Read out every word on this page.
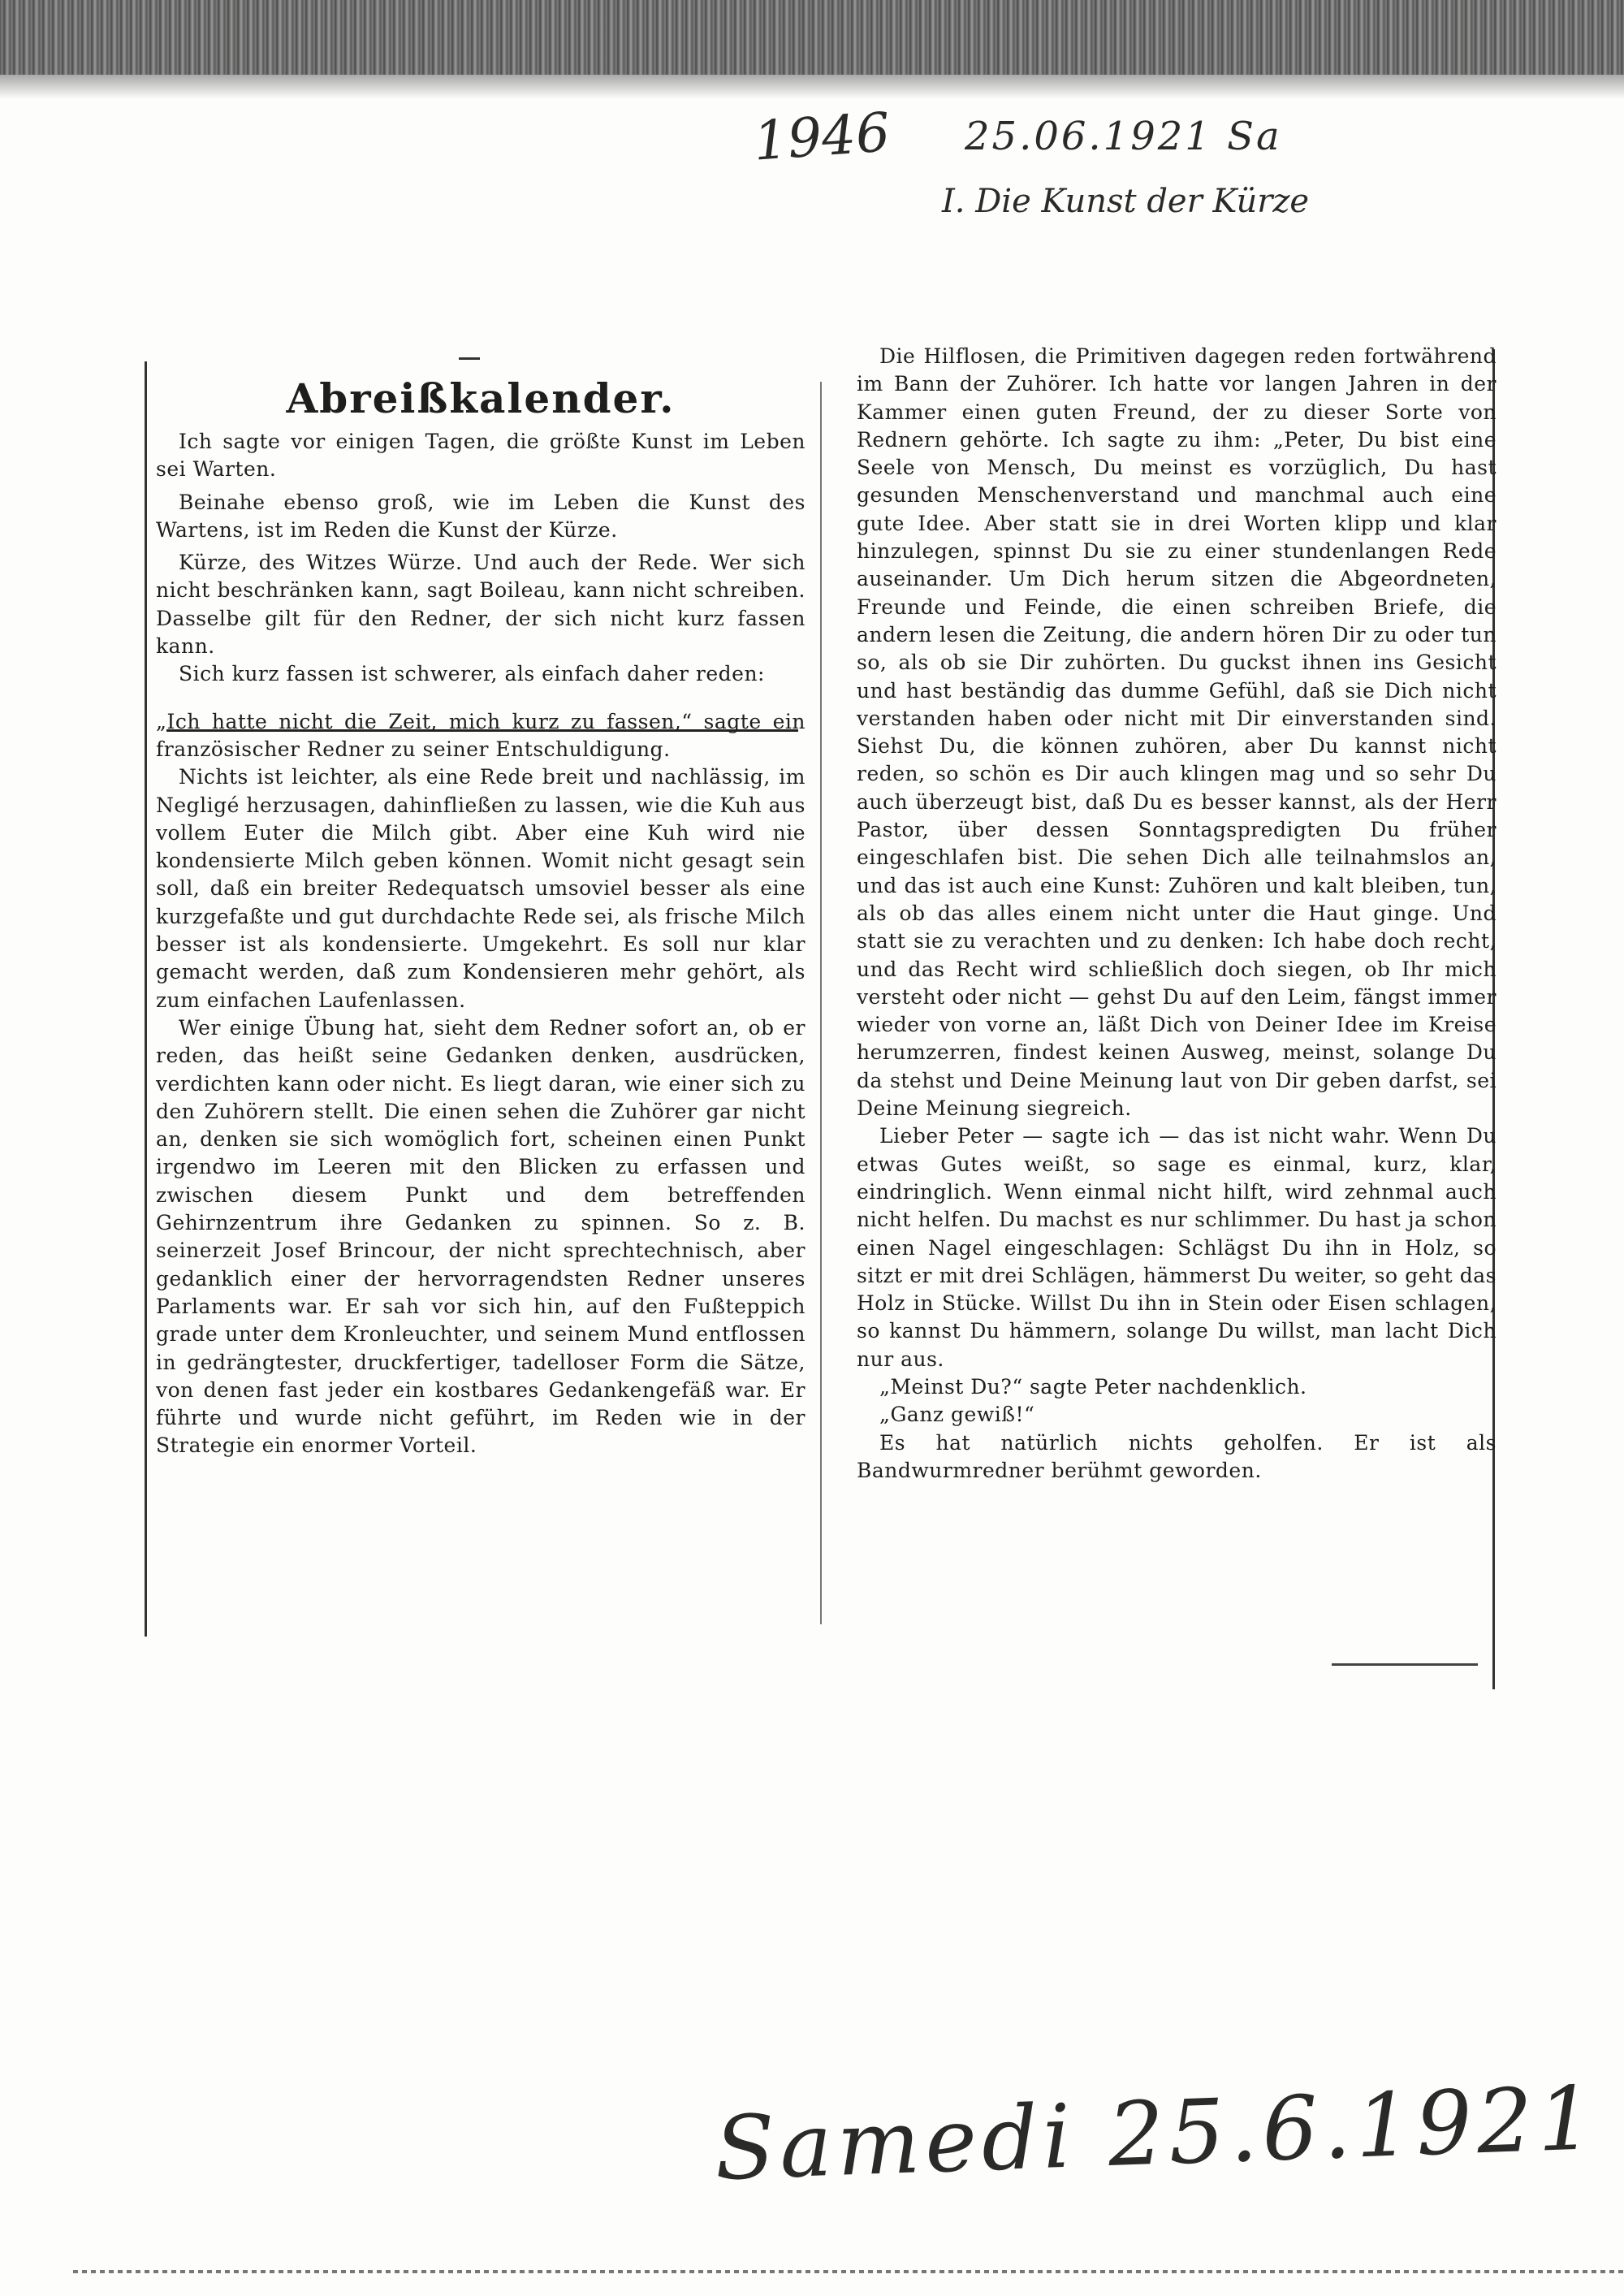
1946 25.06.1921 Sa
I. Die Kunst der Kürze
Abreißkalender.

Ich sagte vor einigen Tagen, die größte Kunst im Leben sei Warten.

Beinahe ebenso groß, wie im Leben die Kunst des Wartens, ist im Reden die Kunst der Kürze.

Kürze, des Witzes Würze. Und auch der Rede. Wer sich nicht beschränken kann, sagt Boileau, kann nicht schreiben. Dasselbe gilt für den Redner, der sich nicht kurz fassen kann.

Sich kurz fassen ist schwerer, als einfach daher reden:

„Ich hatte nicht die Zeit, mich kurz zu fassen,“ sagte ein französischer Redner zu seiner Entschuldigung.

Nichts ist leichter, als eine Rede breit und nachlässig, im Negligé herzusagen, dahinfließen zu lassen, wie die Kuh aus vollem Euter die Milch gibt. Aber eine Kuh wird nie kondensierte Milch geben können. Womit nicht gesagt sein soll, daß ein breiter Redequatsch umsoviel besser als eine kurzgefaßte und gut durchdachte Rede sei, als frische Milch besser ist als kondensierte. Umgekehrt. Es soll nur klar gemacht werden, daß zum Kondensieren mehr gehört, als zum einfachen Laufenlassen.

Wer einige Übung hat, sieht dem Redner sofort an, ob er reden, das heißt seine Gedanken denken, ausdrücken, verdichten kann oder nicht. Es liegt daran, wie einer sich zu den Zuhörern stellt. Die einen sehen die Zuhörer gar nicht an, denken sie sich womöglich fort, scheinen einen Punkt irgendwo im Leeren mit den Blicken zu erfassen und zwischen diesem Punkt und dem betreffenden Gehirnzentrum ihre Gedanken zu spinnen. So z. B. seinerzeit Josef Brincour, der nicht sprechtechnisch, aber gedanklich einer der hervorragendsten Redner unseres Parlaments war. Er sah vor sich hin, auf den Fußteppich grade unter dem Kronleuchter, und seinem Mund entflossen in gedrängtester, druckfertiger, tadelloser Form die Sätze, von denen fast jeder ein kostbares Gedankengefäß war. Er führte und wurde nicht geführt, im Reden wie in der Strategie ein enormer Vorteil.

Die Hilflosen, die Primitiven dagegen reden fortwährend im Bann der Zuhörer. Ich hatte vor langen Jahren in der Kammer einen guten Freund, der zu dieser Sorte von Rednern gehörte. Ich sagte zu ihm: „Peter, Du bist eine Seele von Mensch, Du meinst es vorzüglich, Du hast gesunden Menschenverstand und manchmal auch eine gute Idee. Aber statt sie in drei Worten klipp und klar hinzulegen, spinnst Du sie zu einer stundenlangen Rede auseinander. Um Dich herum sitzen die Abgeordneten, Freunde und Feinde, die einen schreiben Briefe, die andern lesen die Zeitung, die andern hören Dir zu oder tun so, als ob sie Dir zuhörten. Du guckst ihnen ins Gesicht und hast beständig das dumme Gefühl, daß sie Dich nicht verstanden haben oder nicht mit Dir einverstanden sind. Siehst Du, die können zuhören, aber Du kannst nicht reden, so schön es Dir auch klingen mag und so sehr Du auch überzeugt bist, daß Du es besser kannst, als der Herr Pastor, über dessen Sonntagspredigten Du früher eingeschlafen bist. Die sehen Dich alle teilnahmslos an, und das ist auch eine Kunst: Zuhören und kalt bleiben, tun, als ob das alles einem nicht unter die Haut ginge. Und statt sie zu verachten und zu denken: Ich habe doch recht, und das Recht wird schließlich doch siegen, ob Ihr mich versteht oder nicht — gehst Du auf den Leim, fängst immer wieder von vorne an, läßt Dich von Deiner Idee im Kreise herumzerren, findest keinen Ausweg, meinst, solange Du da stehst und Deine Meinung laut von Dir geben darfst, sei Deine Meinung siegreich.

Lieber Peter — sagte ich — das ist nicht wahr. Wenn Du etwas Gutes weißt, so sage es einmal, kurz, klar, eindringlich. Wenn einmal nicht hilft, wird zehnmal auch nicht helfen. Du machst es nur schlimmer. Du hast ja schon einen Nagel eingeschlagen: Schlägst Du ihn in Holz, so sitzt er mit drei Schlägen, hämmerst Du weiter, so geht das Holz in Stücke. Willst Du ihn in Stein oder Eisen schlagen, so kannst Du hämmern, solange Du willst, man lacht Dich nur aus.

„Meinst Du?“ sagte Peter nachdenklich.

„Ganz gewiß!“

Es hat natürlich nichts geholfen. Er ist als Bandwurmredner berühmt geworden.

Samedi 25.6.1921
